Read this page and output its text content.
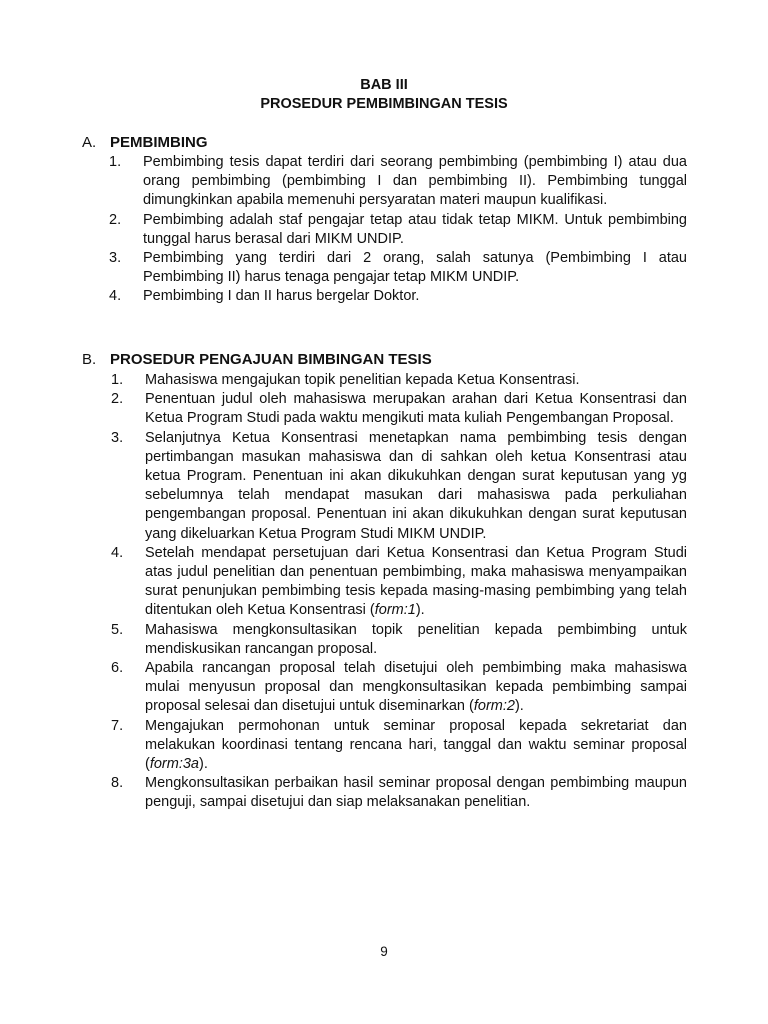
BAB III
PROSEDUR PEMBIMBINGAN TESIS
A. PEMBIMBING
1. Pembimbing tesis dapat terdiri dari seorang pembimbing (pembimbing I) atau dua orang pembimbing (pembimbing I dan pembimbing II). Pembimbing tunggal dimungkinkan apabila memenuhi persyaratan materi maupun kualifikasi.
2. Pembimbing adalah staf pengajar tetap atau tidak tetap MIKM. Untuk pembimbing tunggal harus berasal dari MIKM UNDIP.
3. Pembimbing yang terdiri dari 2 orang, salah satunya (Pembimbing I atau Pembimbing II) harus tenaga pengajar tetap MIKM UNDIP.
4. Pembimbing I dan II harus bergelar Doktor.
B. PROSEDUR PENGAJUAN BIMBINGAN TESIS
1. Mahasiswa mengajukan topik penelitian kepada Ketua Konsentrasi.
2. Penentuan judul oleh mahasiswa merupakan arahan dari Ketua Konsentrasi dan Ketua Program Studi pada waktu mengikuti mata kuliah Pengembangan Proposal.
3. Selanjutnya Ketua Konsentrasi menetapkan nama pembimbing tesis dengan pertimbangan masukan mahasiswa dan di sahkan oleh ketua Konsentrasi atau ketua Program. Penentuan ini akan dikukuhkan dengan surat keputusan yang yg sebelumnya telah mendapat masukan dari mahasiswa pada perkuliahan pengembangan proposal. Penentuan ini akan dikukuhkan dengan surat keputusan yang dikeluarkan Ketua Program Studi MIKM UNDIP.
4. Setelah mendapat persetujuan dari Ketua Konsentrasi dan Ketua Program Studi atas judul penelitian dan penentuan pembimbing, maka mahasiswa menyampaikan surat penunjukan pembimbing tesis kepada masing-masing pembimbing yang telah ditentukan oleh Ketua Konsentrasi (form:1).
5. Mahasiswa mengkonsultasikan topik penelitian kepada pembimbing untuk mendiskusikan rancangan proposal.
6. Apabila rancangan proposal telah disetujui oleh pembimbing maka mahasiswa mulai menyusun proposal dan mengkonsultasikan kepada pembimbing sampai proposal selesai dan disetujui untuk diseminarkan (form:2).
7. Mengajukan permohonan untuk seminar proposal kepada sekretariat dan melakukan koordinasi tentang rencana hari, tanggal dan waktu seminar proposal (form:3a).
8. Mengkonsultasikan perbaikan hasil seminar proposal dengan pembimbing maupun penguji, sampai disetujui dan siap melaksanakan penelitian.
9
